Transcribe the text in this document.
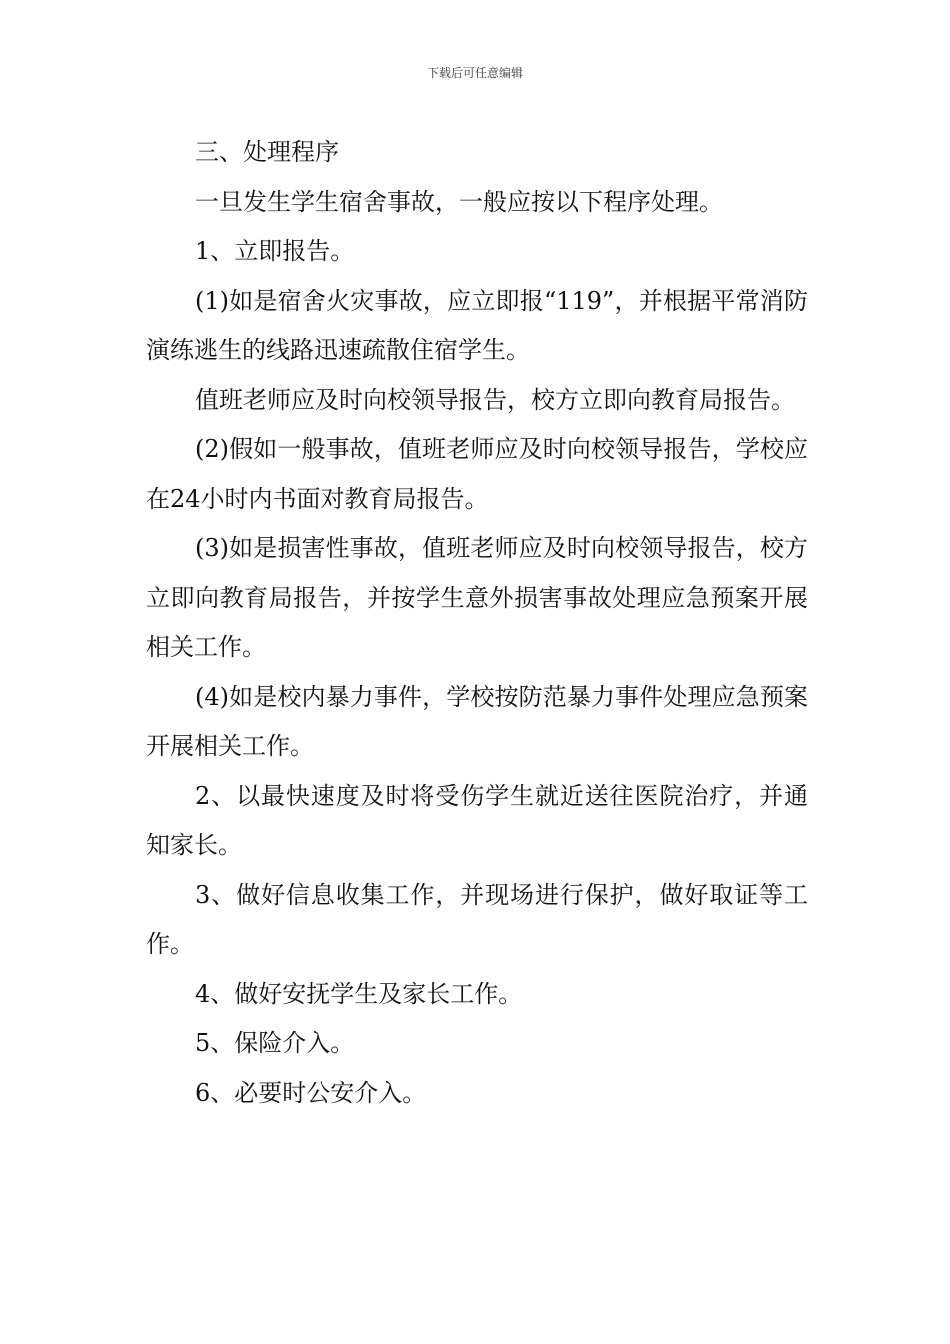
下载后可任意编辑

三、处理程序

一旦发生学生宿舍事故，一般应按以下程序处理。

1、立即报告。

(1)如是宿舍火灾事故，应立即报“119”，并根据平常消防演练逃生的线路迅速疏散住宿学生。

值班老师应及时向校领导报告，校方立即向教育局报告。

(2)假如一般事故，值班老师应及时向校领导报告，学校应在24小时内书面对教育局报告。

(3)如是损害性事故，值班老师应及时向校领导报告，校方立即向教育局报告，并按学生意外损害事故处理应急预案开展相关工作。

(4)如是校内暴力事件，学校按防范暴力事件处理应急预案开展相关工作。

2、以最快速度及时将受伤学生就近送往医院治疗，并通知家长。

3、做好信息收集工作，并现场进行保护，做好取证等工作。

4、做好安抚学生及家长工作。

5、保险介入。

6、必要时公安介入。
